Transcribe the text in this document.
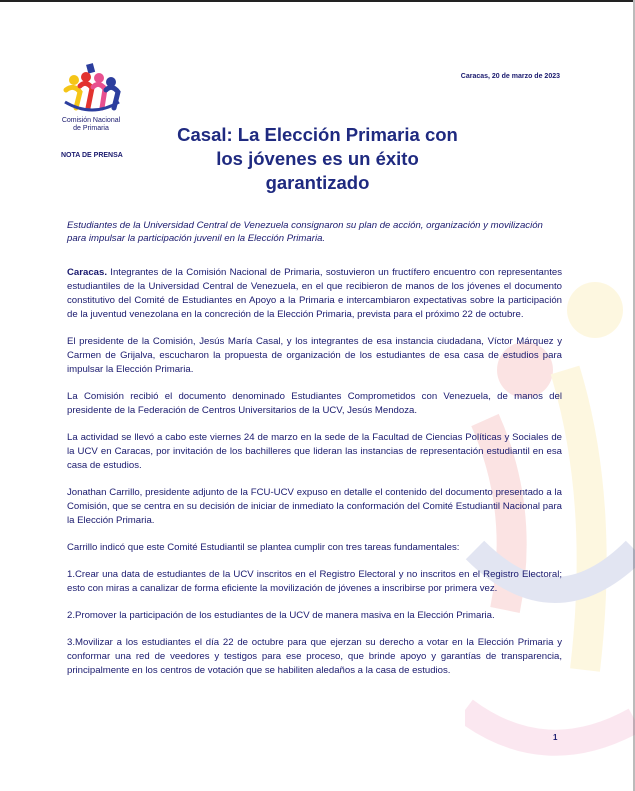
Comisión Nacional
de Primaria
NOTA DE PRENSA
Caracas, 20 de marzo de 2023
Casal: La Elección Primaria con
los jóvenes es un éxito
garantizado

Estudiantes de la Universidad Central de Venezuela consignaron su plan de acción, organización y movilización para impulsar la participación juvenil en la Elección Primaria.

Caracas. Integrantes de la Comisión Nacional de Primaria, sostuvieron un fructífero encuentro con representantes estudiantiles de la Universidad Central de Venezuela, en el que recibieron de manos de los jóvenes el documento constitutivo del Comité de Estudiantes en Apoyo a la Primaria e intercambiaron expectativas sobre la participación de la juventud venezolana en la concreción de la Elección Primaria, prevista para el próximo 22 de octubre.

El presidente de la Comisión, Jesús María Casal, y los integrantes de esa instancia ciudadana, Víctor Márquez y Carmen de Grijalva, escucharon la propuesta de organización de los estudiantes de esa casa de estudios para impulsar la Elección Primaria.

La Comisión recibió el documento denominado Estudiantes Comprometidos con Venezuela, de manos del presidente de la Federación de Centros Universitarios de la UCV, Jesús Mendoza.

La actividad se llevó a cabo este viernes 24 de marzo en la sede de la Facultad de Ciencias Políticas y Sociales de la UCV en Caracas, por invitación de los bachilleres que lideran las instancias de representación estudiantil en esa casa de estudios.

Jonathan Carrillo, presidente adjunto de la FCU-UCV expuso en detalle el contenido del documento presentado a la Comisión, que se centra en su decisión de iniciar de inmediato la conformación del Comité Estudiantil Nacional para la Elección Primaria.

Carrillo indicó que este Comité Estudiantil se plantea cumplir con tres tareas fundamentales:

1.Crear una data de estudiantes de la UCV inscritos en el Registro Electoral y no inscritos en el Registro Electoral; esto con miras a canalizar de forma eficiente la movilización de jóvenes a inscribirse por primera vez.

2.Promover la participación de los estudiantes de la UCV de manera masiva en la Elección Primaria.

3.Movilizar a los estudiantes el día 22 de octubre para que ejerzan su derecho a votar en la Elección Primaria y conformar una red de veedores y testigos para ese proceso, que brinde apoyo y garantías de transparencia, principalmente en los centros de votación que se habiliten aledaños a la casa de estudios.

1
